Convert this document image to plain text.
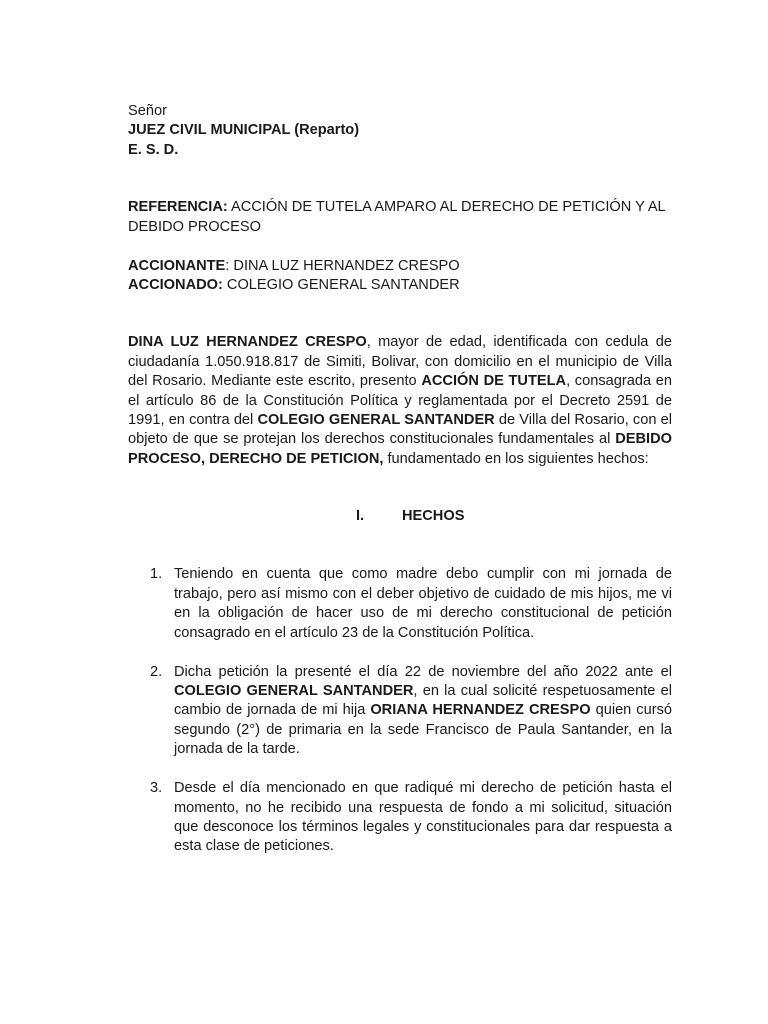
Señor
JUEZ CIVIL MUNICIPAL (Reparto)
E. S. D.
REFERENCIA: ACCIÓN DE TUTELA AMPARO AL DERECHO DE PETICIÓN Y AL DEBIDO PROCESO
ACCIONANTE: DINA LUZ HERNANDEZ CRESPO
ACCIONADO: COLEGIO GENERAL SANTANDER
DINA LUZ HERNANDEZ CRESPO, mayor de edad, identificada con cedula de ciudadanía 1.050.918.817 de Simiti, Bolivar, con domicilio en el municipio de Villa del Rosario. Mediante este escrito, presento ACCIÓN DE TUTELA, consagrada en el artículo 86 de la Constitución Política y reglamentada por el Decreto 2591 de 1991, en contra del COLEGIO GENERAL SANTANDER de Villa del Rosario, con el objeto de que se protejan los derechos constitucionales fundamentales al DEBIDO PROCESO, DERECHO DE PETICION, fundamentado en los siguientes hechos:
I.	HECHOS
1. Teniendo en cuenta que como madre debo cumplir con mi jornada de trabajo, pero así mismo con el deber objetivo de cuidado de mis hijos, me vi en la obligación de hacer uso de mi derecho constitucional de petición consagrado en el artículo 23 de la Constitución Política.
2. Dicha petición la presenté el día 22 de noviembre del año 2022 ante el COLEGIO GENERAL SANTANDER, en la cual solicité respetuosamente el cambio de jornada de mi hija ORIANA HERNANDEZ CRESPO quien cursó segundo (2°) de primaria en la sede Francisco de Paula Santander, en la jornada de la tarde.
3. Desde el día mencionado en que radiqué mi derecho de petición hasta el momento, no he recibido una respuesta de fondo a mi solicitud, situación que desconoce los términos legales y constitucionales para dar respuesta a esta clase de peticiones.
